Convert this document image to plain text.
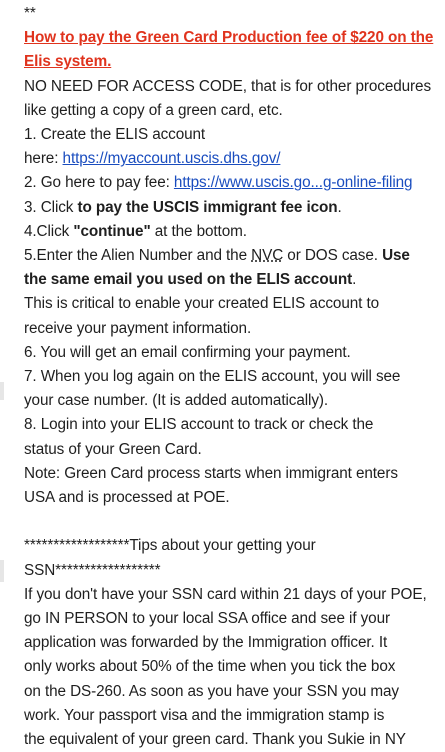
**
How to pay the Green Card Production fee of $220 on the
Elis system.
NO NEED FOR ACCESS CODE, that is for other procedures
like getting a copy of a green card, etc.
1. Create the ELIS account
here: https://myaccount.uscis.dhs.gov/
2. Go here to pay fee: https://www.uscis.go...g-online-filing
3. Click to pay the USCIS immigrant fee icon.
4.Click "continue" at the bottom.
5.Enter the Alien Number and the NVC or DOS case. Use
the same email you used on the ELIS account.
This is critical to enable your created ELIS account to
receive your payment information.
6. You will get an email confirming your payment.
7. When you log again on the ELIS account, you will see
your case number. (It is added automatically).
8. Login into your ELIS account to track or check the
status of your Green Card.
Note: Green Card process starts when immigrant enters
USA and is processed at POE.
******************Tips about your getting your
SSN******************
If you don't have your SSN card within 21 days of your POE,
go IN PERSON to your local SSA office and see if your
application was forwarded by the Immigration officer. It
only works about 50% of the time when you tick the box
on the DS-260. As soon as you have your SSN you may
work. Your passport visa and the immigration stamp is
the equivalent of your green card. Thank you Sukie in NY
